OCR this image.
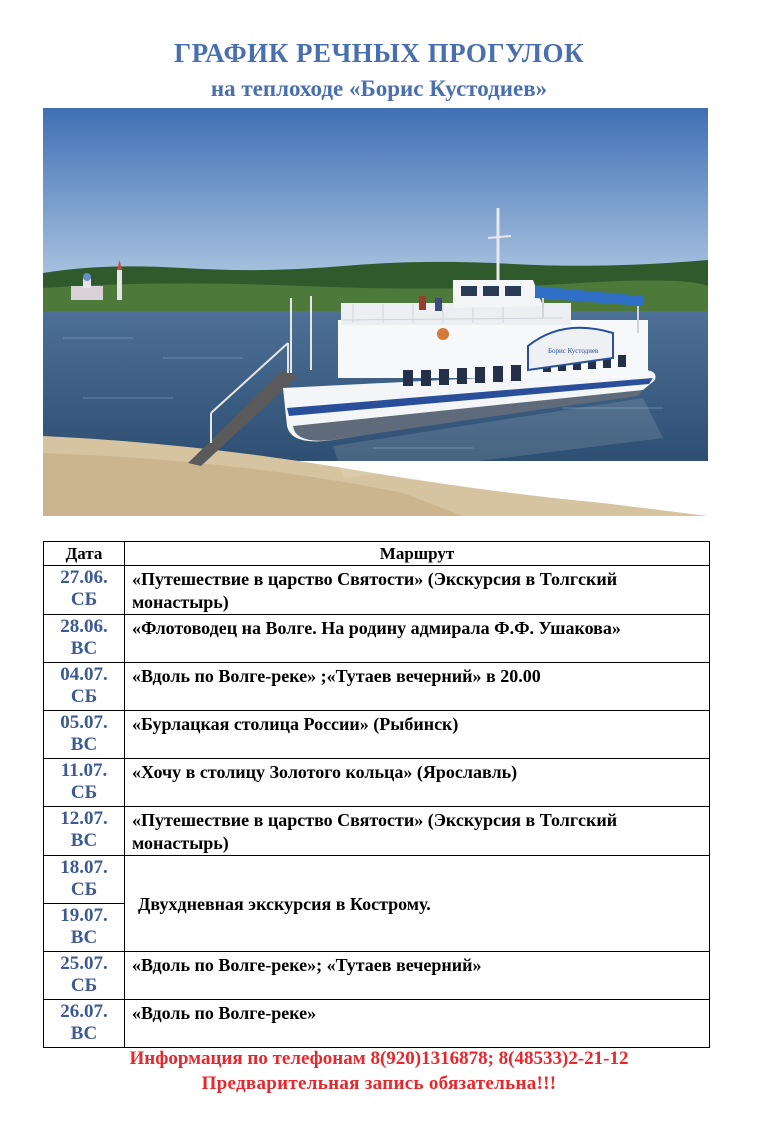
ГРАФИК РЕЧНЫХ ПРОГУЛОК
на теплоходе «Борис Кустодиев»
Борис Кустодиев
Дата	Маршрут

27.06.
СБ	«Путешествие в царство Святости» (Экскурсия в Толгский монастырь)

28.06.
ВС	«Флотоводец на Волге. На родину адмирала Ф.Ф. Ушакова»

04.07.
СБ	«Вдоль по Волге-реке» ;«Тутаев вечерний» в 20.00

05.07.
ВС	«Бурлацкая столица России» (Рыбинск)

11.07.
СБ	«Хочу в столицу Золотого кольца» (Ярославль)

12.07.
ВС	«Путешествие в царство Святости» (Экскурсия в Толгский монастырь)

18.07.
СБ	Двухдневная экскурсия в Кострому.

19.07.
ВС	

25.07.
СБ	«Вдоль по Волге-реке»; «Тутаев вечерний»

26.07.
ВС	«Вдоль по Волге-реке»
Информация по телефонам 8(920)1316878; 8(48533)2-21-12
Предварительная запись обязательна!!!
